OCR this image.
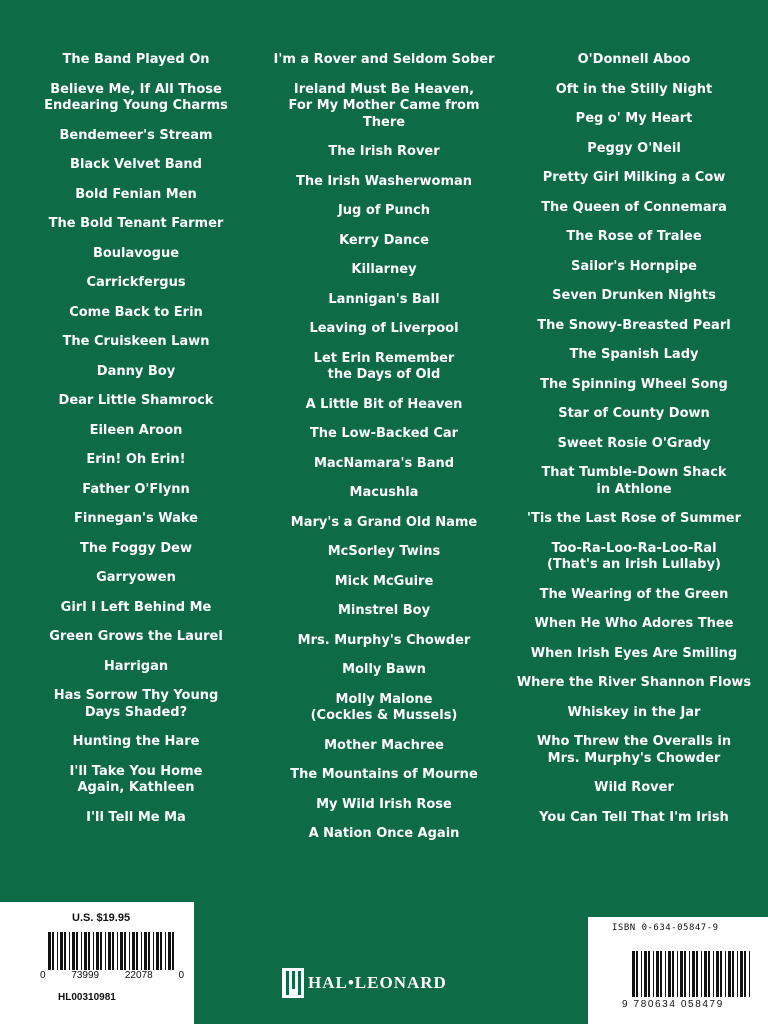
The Band Played On
Believe Me, If All Those
Endearing Young Charms
Bendemeer's Stream
Black Velvet Band
Bold Fenian Men
The Bold Tenant Farmer
Boulavogue
Carrickfergus
Come Back to Erin
The Cruiskeen Lawn
Danny Boy
Dear Little Shamrock
Eileen Aroon
Erin! Oh Erin!
Father O'Flynn
Finnegan's Wake
The Foggy Dew
Garryowen
Girl I Left Behind Me
Green Grows the Laurel
Harrigan
Has Sorrow Thy Young
Days Shaded?
Hunting the Hare
I'll Take You Home
Again, Kathleen
I'll Tell Me Ma
I'm a Rover and Seldom Sober
Ireland Must Be Heaven,
For My Mother Came from There
The Irish Rover
The Irish Washerwoman
Jug of Punch
Kerry Dance
Killarney
Lannigan's Ball
Leaving of Liverpool
Let Erin Remember
the Days of Old
A Little Bit of Heaven
The Low-Backed Car
MacNamara's Band
Macushla
Mary's a Grand Old Name
McSorley Twins
Mick McGuire
Minstrel Boy
Mrs. Murphy's Chowder
Molly Bawn
Molly Malone
(Cockles & Mussels)
Mother Machree
The Mountains of Mourne
My Wild Irish Rose
A Nation Once Again
O'Donnell Aboo
Oft in the Stilly Night
Peg o' My Heart
Peggy O'Neil
Pretty Girl Milking a Cow
The Queen of Connemara
The Rose of Tralee
Sailor's Hornpipe
Seven Drunken Nights
The Snowy-Breasted Pearl
The Spanish Lady
The Spinning Wheel Song
Star of County Down
Sweet Rosie O'Grady
That Tumble-Down Shack
in Athlone
'Tis the Last Rose of Summer
Too-Ra-Loo-Ra-Loo-Ral
(That's an Irish Lullaby)
The Wearing of the Green
When He Who Adores Thee
When Irish Eyes Are Smiling
Where the River Shannon Flows
Whiskey in the Jar
Who Threw the Overalls in
Mrs. Murphy's Chowder
Wild Rover
You Can Tell That I'm Irish
U.S. $19.95
0	73999	22078	0
HL00310981
HAL•LEONARD
ISBN 0-634-05847-9
9 780634 058479
